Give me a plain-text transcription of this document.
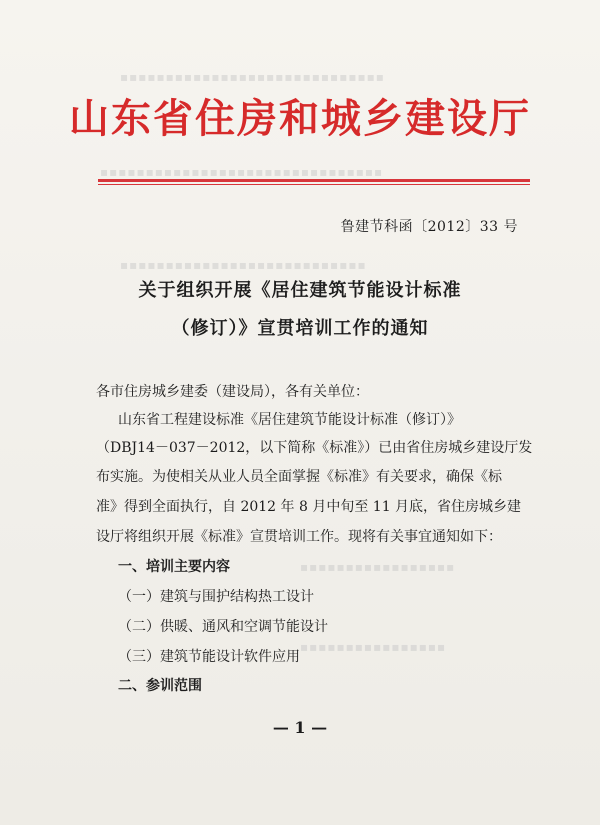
▪▪▪▪▪▪▪▪▪▪▪▪▪▪▪▪▪▪▪▪▪▪▪▪▪▪▪▪▪
▪▪▪▪▪▪▪▪▪▪▪▪▪▪▪▪▪▪▪▪▪▪▪▪▪▪▪▪▪▪▪
▪▪▪▪▪▪▪▪▪▪▪▪▪▪▪▪▪▪▪▪▪▪▪▪▪▪▪
▪▪▪▪▪▪▪▪▪▪▪▪▪▪▪▪▪
▪▪▪▪▪▪▪▪▪▪▪▪▪▪▪▪
山东省住房和城乡建设厅
鲁建节科函〔2012〕33 号
关于组织开展《居住建筑节能设计标准
（修订）》宣贯培训工作的通知
各市住房城乡建委（建设局），各有关单位：
山东省工程建设标准《居住建筑节能设计标准（修订）》
（DBJ14－037－2012，以下简称《标准》）已由省住房城乡建设厅发
布实施。为使相关从业人员全面掌握《标准》有关要求，确保《标
准》得到全面执行，自 2012 年 8 月中旬至 11 月底，省住房城乡建
设厅将组织开展《标准》宣贯培训工作。现将有关事宜通知如下：
一、培训主要内容
（一）建筑与围护结构热工设计
（二）供暖、通风和空调节能设计
（三）建筑节能设计软件应用
二、参训范围
— 1 —
